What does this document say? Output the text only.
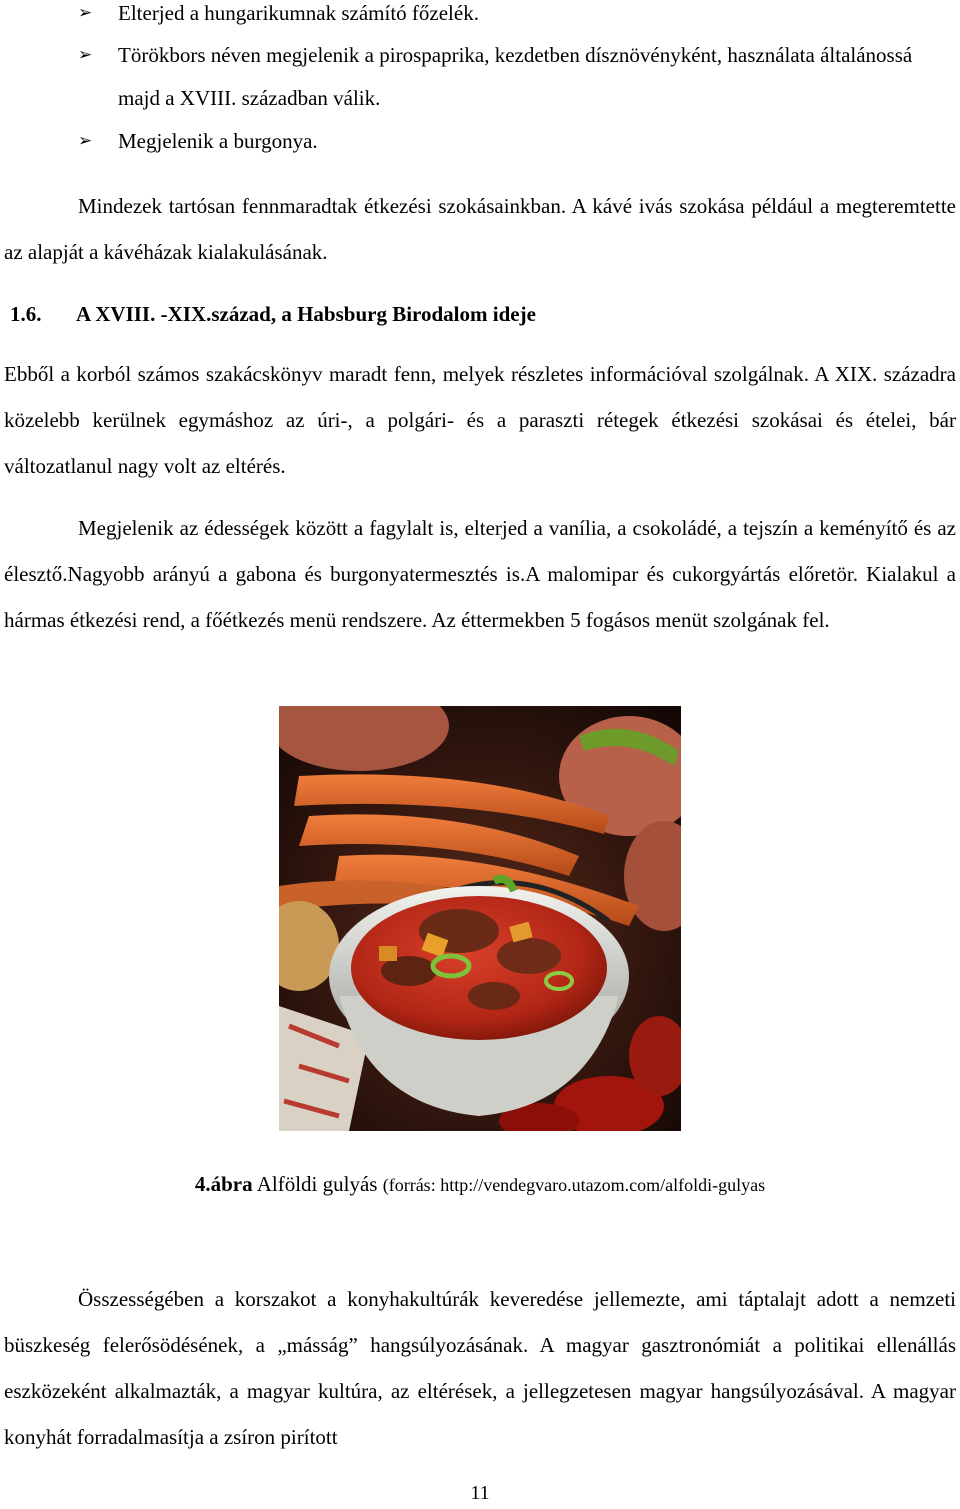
➢	Elterjed a hungarikumnak számító főzelék.
➢	Törökbors néven megjelenik a pirospaprika, kezdetben dísznövényként, használata általánossá majd a XVIII. században válik.
➢	Megjelenik a burgonya.
Mindezek tartósan fennmaradtak étkezési szokásainkban. A kávé ivás szokása például a megteremtette az alapját a kávéházak kialakulásának.
1.6. A XVIII. -XIX.század, a Habsburg Birodalom ideje
Ebből a korból számos szakácskönyv maradt fenn, melyek részletes információval szolgálnak. A XIX. századra közelebb kerülnek egymáshoz az úri-, a polgári- és a paraszti rétegek étkezési szokásai és ételei, bár változatlanul nagy volt az eltérés.
Megjelenik az édességek között a fagylalt is, elterjed a vanília, a csokoládé, a tejszín a keményítő és az élesztő.Nagyobb arányú a gabona és burgonyatermesztés is.A malomipar és cukorgyártás előretör. Kialakul a hármas étkezési rend, a főétkezés menü rendszere. Az éttermekben 5 fogásos menüt szolgának fel.
4.ábra Alföldi gulyás (forrás: http://vendegvaro.utazom.com/alfoldi-gulyas
Összességében a korszakot a konyhakultúrák keveredése jellemezte, ami táptalajt adott a nemzeti büszkeség felerősödésének, a „másság” hangsúlyozásának. A magyar gasztronómiát a politikai ellenállás eszközeként alkalmazták, a magyar kultúra, az eltérések, a jellegzetesen magyar hangsúlyozásával. A magyar konyhát forradalmasítja a zsíron pirított
11
